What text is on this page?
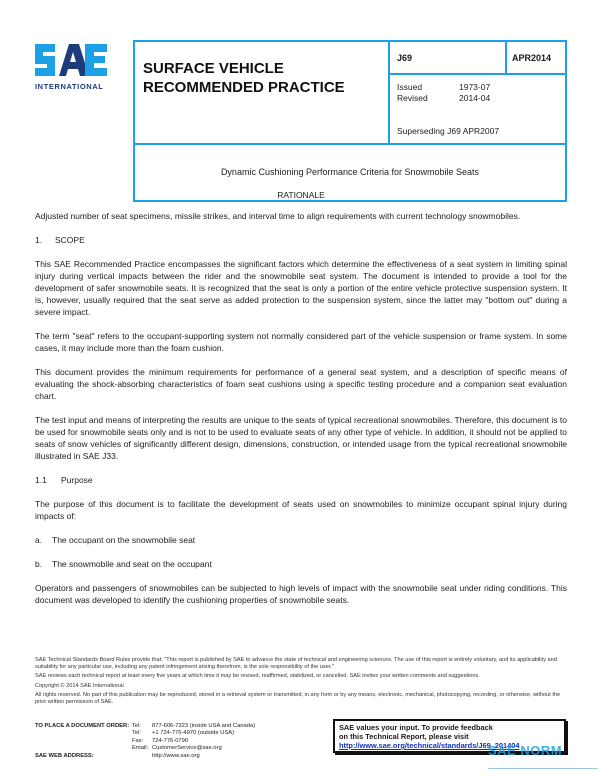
INTERNATIONAL
SURFACE VEHICLE
RECOMMENDED PRACTICE
J69	APR2014
Issued	1973-07
Revised	2014-04
Superseding J69 APR2007
Dynamic Cushioning Performance Criteria for Snowmobile Seats
RATIONALE

Adjusted number of seat specimens, missile strikes, and interval time to align requirements with current technology snowmobiles.

1. SCOPE

This SAE Recommended Practice encompasses the significant factors which determine the effectiveness of a seat system in limiting spinal injury during vertical impacts between the rider and the snowmobile seat system. The document is intended to provide a tool for the development of safer snowmobile seats. It is recognized that the seat is only a portion of the entire vehicle protective suspension system. It is, however, usually required that the seat serve as added protection to the suspension system, since the latter may "bottom out" during a severe impact.

The term "seat" refers to the occupant-supporting system not normally considered part of the vehicle suspension or frame system. In some cases, it may include more than the foam cushion.

This document provides the minimum requirements for performance of a general seat system, and a description of specific means of evaluating the shock-absorbing characteristics of foam seat cushions using a specific testing procedure and a companion seat evaluation chart.

The test input and means of interpreting the results are unique to the seats of typical recreational snowmobiles. Therefore, this document is to be used for snowmobile seats only and is not to be used to evaluate seats of any other type of vehicle. In addition, it should not be applied to seats of snow vehicles of significantly different design, dimensions, construction, or intended usage from the typical recreational snowmobile illustrated in SAE J33.

1.1 Purpose

The purpose of this document is to facilitate the development of seats used on snowmobiles to minimize occupant spinal injury during impacts of:

a. The occupant on the snowmobile seat

b. The snowmobile and seat on the occupant

Operators and passengers of snowmobiles can be subjected to high levels of impact with the snowmobile seat under riding conditions. This document was developed to identify the cushioning properties of snowmobile seats.

SAE Technical Standards Board Rules provide that: "This report is published by SAE to advance the state of technical and engineering sciences. The use of this report is entirely voluntary, and its applicability and suitability for any particular use, including any patent infringement arising therefrom, is the sole responsibility of the user."

SAE reviews each technical report at least every five years at which time it may be revised, reaffirmed, stabilized, or cancelled. SAE invites your written comments and suggestions.

Copyright © 2014 SAE International

All rights reserved. No part of this publication may be reproduced, stored in a retrieval system or transmitted, in any form or by any means, electronic, mechanical, photocopying, recording, or otherwise, without the prior written permission of SAE.

TO PLACE A DOCUMENT ORDER: Tel: 877-606-7323 (inside USA and Canada)
Tel: +1 724-776-4970 (outside USA)
Fax: 724-776-0790
Email: CustomerService@sae.org
SAE WEB ADDRESS:	http://www.sae.org
SAE values your input. To provide feedback
on this Technical Report, please visit
http://www.sae.org/technical/standards/J69_201404
SAE NORM
